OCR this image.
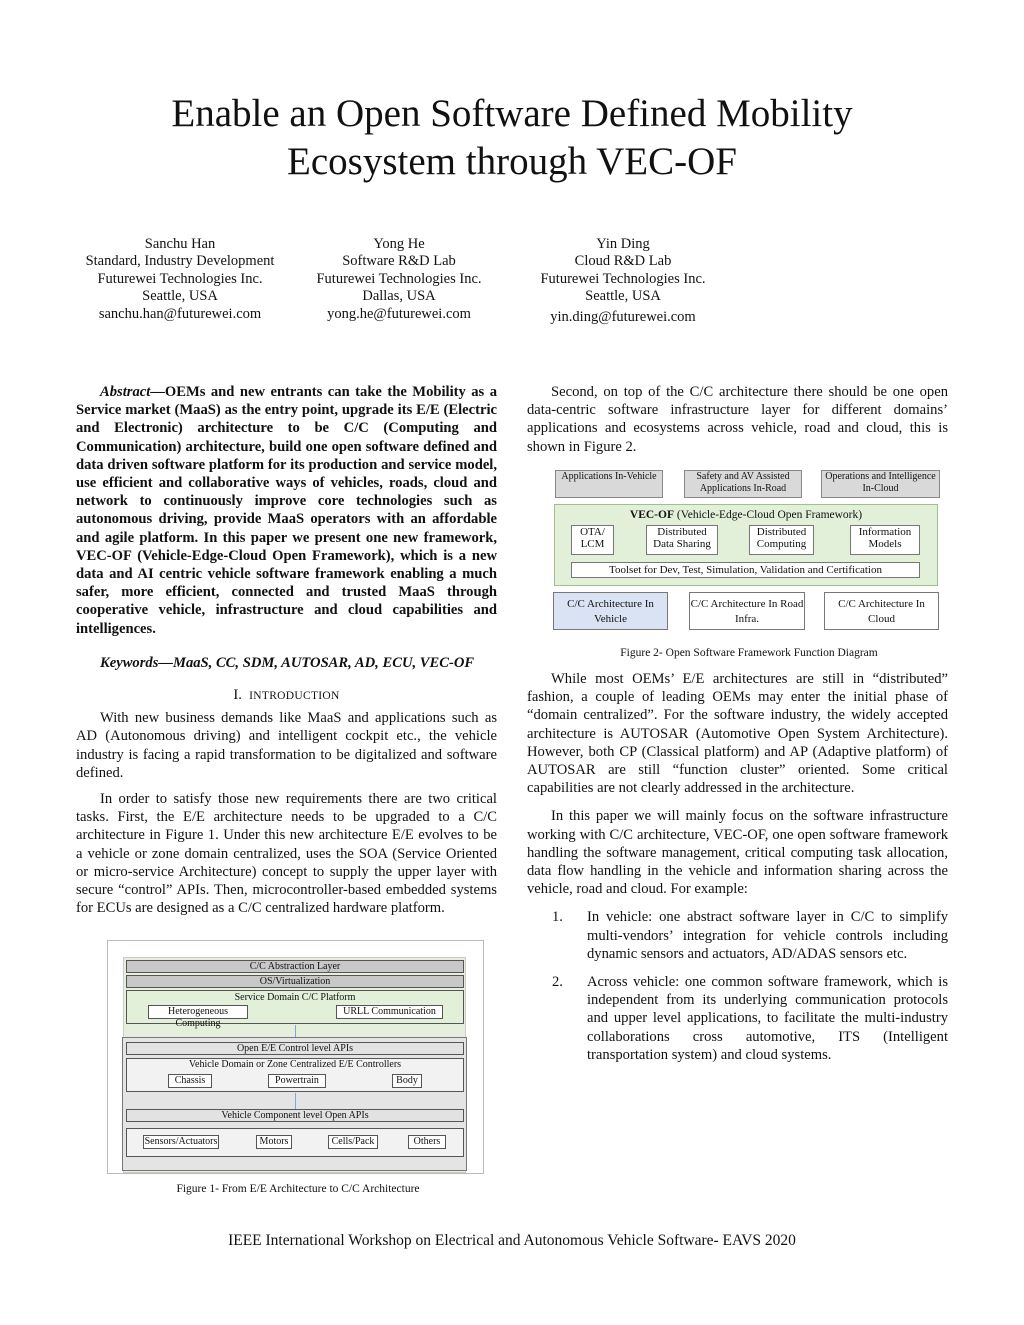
Enable an Open Software Defined Mobility
Ecosystem through VEC-OF
Sanchu Han
Standard, Industry Development
Futurewei Technologies Inc.
Seattle, USA
sanchu.han@futurewei.com
Yong He
Software R&D Lab
Futurewei Technologies Inc.
Dallas, USA
yong.he@futurewei.com
Yin Ding
Cloud R&D Lab
Futurewei Technologies Inc.
Seattle, USA
yin.ding@futurewei.com

Abstract—OEMs and new entrants can take the Mobility as a Service market (MaaS) as the entry point, upgrade its E/E (Electric and Electronic) architecture to be C/C (Computing and Communication) architecture, build one open software defined and data driven software platform for its production and service model, use efficient and collaborative ways of vehicles, roads, cloud and network to continuously improve core technologies such as autonomous driving, provide MaaS operators with an affordable and agile platform. In this paper we present one new framework, VEC-OF (Vehicle-Edge-Cloud Open Framework), which is a new data and AI centric vehicle software framework enabling a much safer, more efficient, connected and trusted MaaS through cooperative vehicle, infrastructure and cloud capabilities and intelligences.

Keywords—MaaS, CC, SDM, AUTOSAR, AD, ECU, VEC-OF

I. INTRODUCTION

With new business demands like MaaS and applications such as AD (Autonomous driving) and intelligent cockpit etc., the vehicle industry is facing a rapid transformation to be digitalized and software defined.

In order to satisfy those new requirements there are two critical tasks. First, the E/E architecture needs to be upgraded to a C/C architecture in Figure 1. Under this new architecture E/E evolves to be a vehicle or zone domain centralized, uses the SOA (Service Oriented or micro-service Architecture) concept to supply the upper layer with secure “control” APIs. Then, microcontroller-based embedded systems for ECUs are designed as a C/C centralized hardware platform.

C/C Abstraction Layer
OS/Virtualization
Service Domain C/C Platform
Heterogeneous Computing
URLL Communication
Open E/E Control level APIs
Vehicle Domain or Zone Centralized E/E Controllers
Chassis	Powertrain	Body
Vehicle Component level Open APIs
Sensors/Actuators	Motors	Cells/Pack	Others
Figure 1- From E/E Architecture to C/C Architecture

Second, on top of the C/C architecture there should be one open data-centric software infrastructure layer for different domains’ applications and ecosystems across vehicle, road and cloud, this is shown in Figure 2.

Applications In-Vehicle	Safety and AV Assisted Applications In-Road
Operations and Intelligence In-Cloud
VEC-OF (Vehicle-Edge-Cloud Open Framework)
OTA/ LCM
Distributed Data Sharing
Distributed Computing
Information Models
Toolset for Dev, Test, Simulation, Validation and Certification
C/C Architecture In Vehicle
C/C Architecture In Road Infra.
C/C Architecture In Cloud
Figure 2- Open Software Framework Function Diagram

While most OEMs’ E/E architectures are still in “distributed” fashion, a couple of leading OEMs may enter the initial phase of “domain centralized”. For the software industry, the widely accepted architecture is AUTOSAR (Automotive Open System Architecture). However, both CP (Classical platform) and AP (Adaptive platform) of AUTOSAR are still “function cluster” oriented. Some critical capabilities are not clearly addressed in the architecture.

In this paper we will mainly focus on the software infrastructure working with C/C architecture, VEC-OF, one open software framework handling the software management, critical computing task allocation, data flow handling in the vehicle and information sharing across the vehicle, road and cloud. For example:

1. In vehicle: one abstract software layer in C/C to simplify multi-vendors’ integration for vehicle controls including dynamic sensors and actuators, AD/ADAS sensors etc.
2. Across vehicle: one common software framework, which is independent from its underlying communication protocols and upper level applications, to facilitate the multi-industry collaborations cross automotive, ITS (Intelligent transportation system) and cloud systems.
IEEE International Workshop on Electrical and Autonomous Vehicle Software- EAVS 2020
